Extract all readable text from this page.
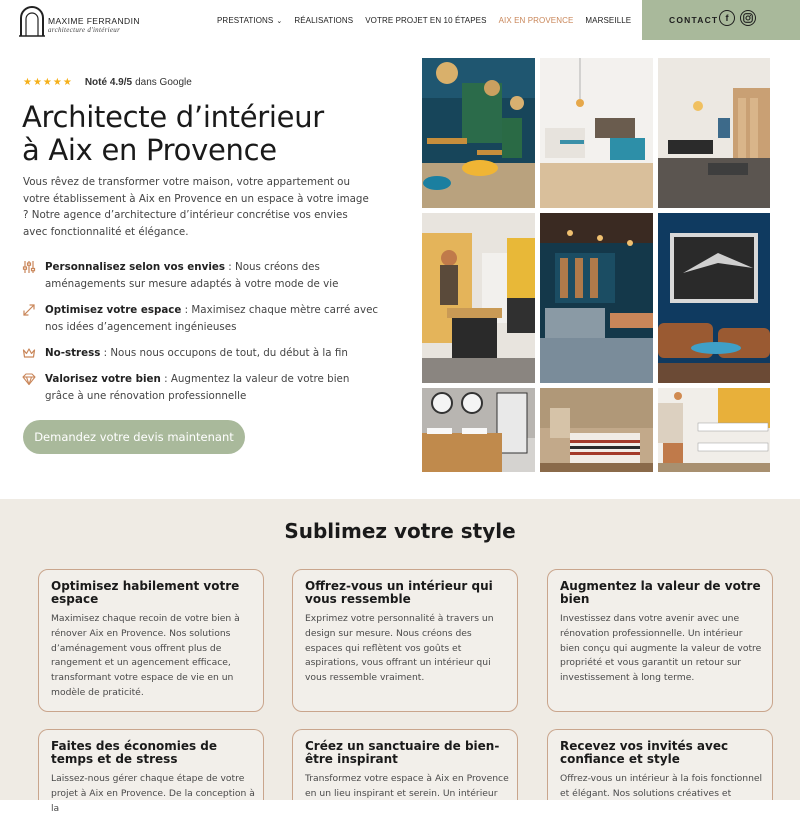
MAXIME FERRANDIN
architecture d'intérieur
PRESTATIONS ⌄ RÉALISATIONS VOTRE PROJET EN 10 ÉTAPES AIX EN PROVENCE MARSEILLE	CONTACT f
★★★★★ Noté 4.9/5 dans Google
Architecte d’intérieur
à Aix en Provence

Vous rêvez de transformer votre maison, votre appartement ou votre établissement à Aix en Provence en un espace à votre image ? Notre agence d’architecture d’intérieur concrétise vos envies avec fonctionnalité et élégance.

Personnalisez selon vos envies : Nous créons des aménagements sur mesure adaptés à votre mode de vie
Optimisez votre espace : Maximisez chaque mètre carré avec nos idées d’agencement ingénieuses
No-stress : Nous nous occupons de tout, du début à la fin
Valorisez votre bien : Augmentez la valeur de votre bien grâce à une rénovation professionnelle
Demandez votre devis maintenant
Sublimez votre style
Optimisez habilement votre espace
Maximisez chaque recoin de votre bien à rénover Aix en Provence. Nos solutions d’aménagement vous offrent plus de rangement et un agencement efficace, transformant votre espace de vie en un modèle de praticité.
Offrez-vous un intérieur qui vous ressemble
Exprimez votre personnalité à travers un design sur mesure. Nous créons des espaces qui reflètent vos goûts et aspirations, vous offrant un intérieur qui vous ressemble vraiment.
Augmentez la valeur de votre bien
Investissez dans votre avenir avec une rénovation professionnelle. Un intérieur bien conçu qui augmente la valeur de votre propriété et vous garantit un retour sur investissement à long terme.
Faites des économies de temps et de stress
Laissez-nous gérer chaque étape de votre projet à Aix en Provence. De la conception à la
Créez un sanctuaire de bien-être inspirant
Transformez votre espace à Aix en Provence en un lieu inspirant et serein. Un intérieur
Recevez vos invités avec confiance et style
Offrez-vous un intérieur à la fois fonctionnel et élégant. Nos solutions créatives et
